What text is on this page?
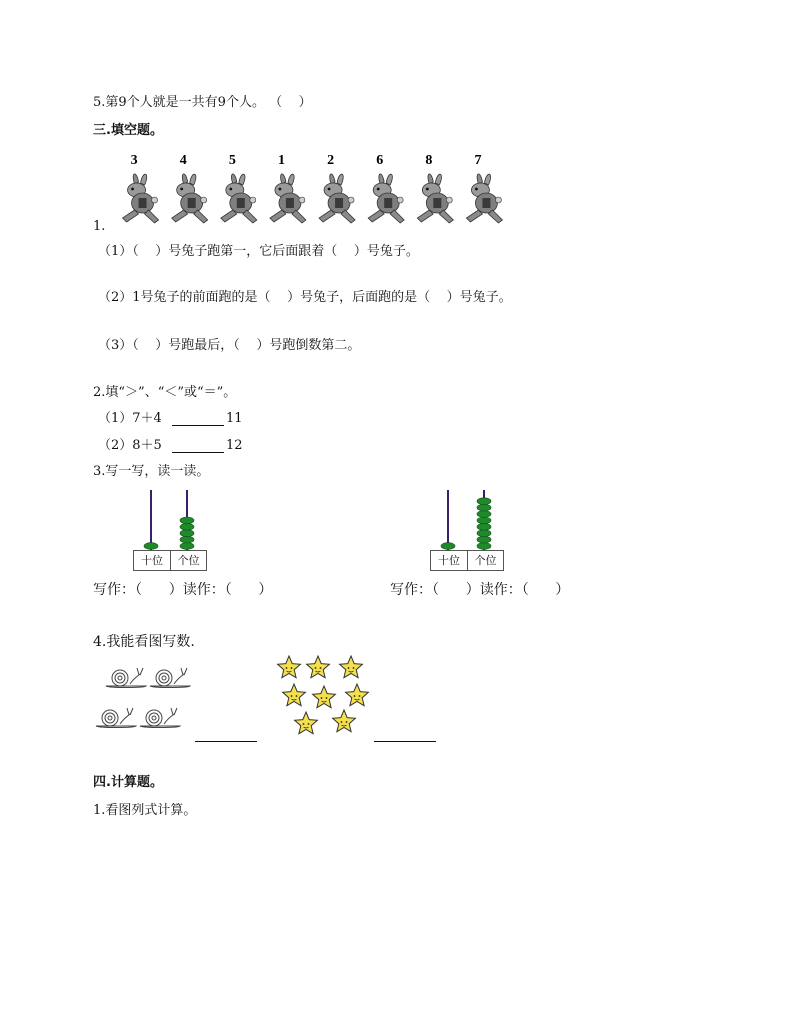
5.第9个人就是一共有9个人。 （    ）
三.填空题。
1.
3	4	5	1	2	6	8	7
（1）（    ）号兔子跑第一，它后面跟着（    ）号兔子。
（2）1号兔子的前面跑的是（    ）号兔子，后面跑的是（    ）号兔子。
（3）（    ）号跑最后，（    ）号跑倒数第二。
2.填“＞”、“＜”或“＝”。
（1）7＋4	11
（2）8＋5	12
3.写一写，读一读。
十位	个位	十位	个位
写作：（      ）读作：（      ）	写作：（      ）读作：（      ）
4.我能看图写数.
四.计算题。
1.看图列式计算。
